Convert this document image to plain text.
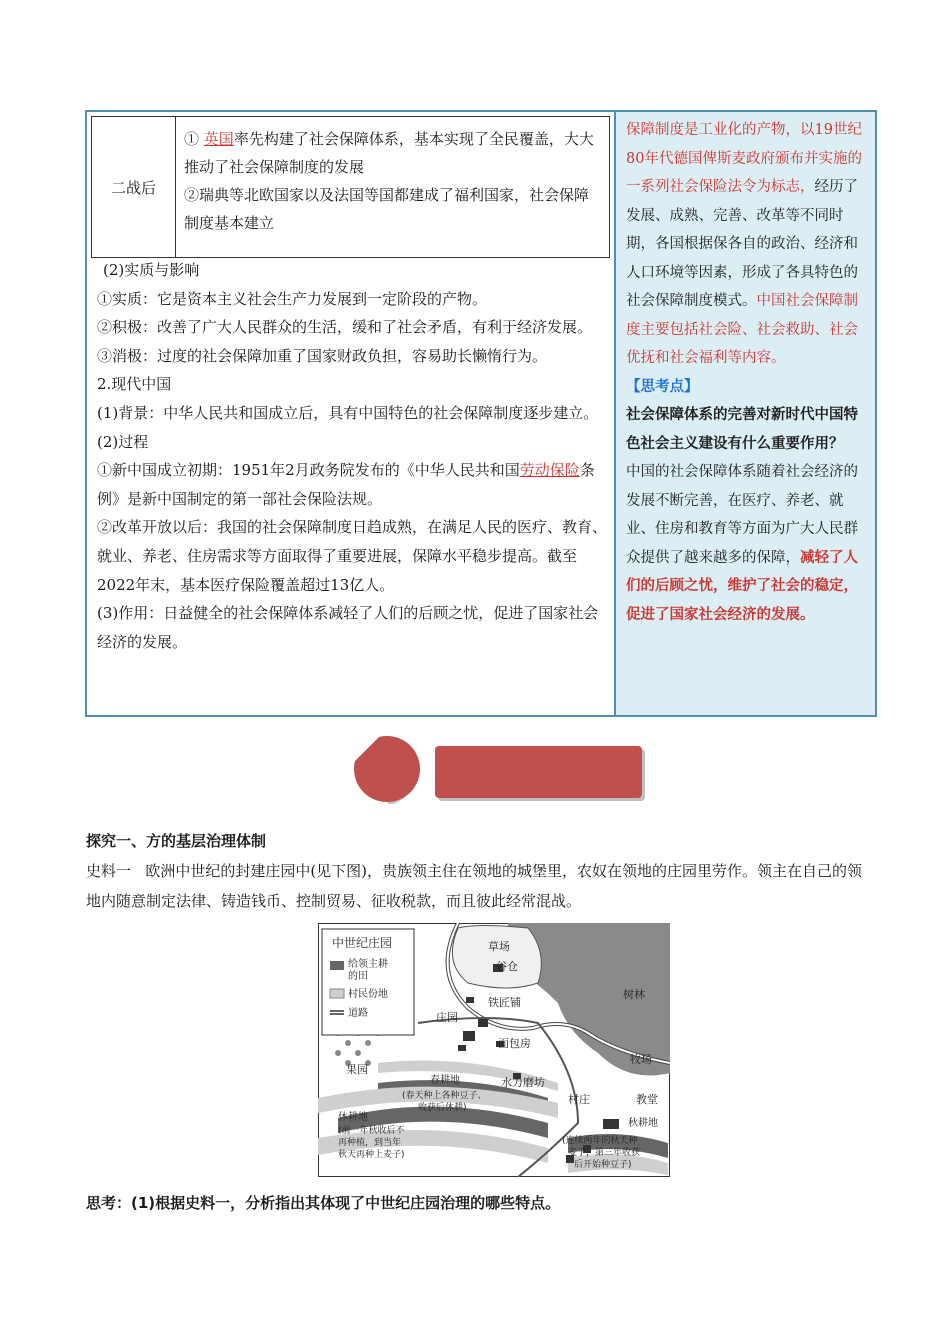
二战后
① 英国率先构建了社会保障体系，基本实现了全民覆盖，大大推动了社会保障制度的发展
②瑞典等北欧国家以及法国等国都建成了福利国家，社会保障制度基本建立

(2)实质与影响

①实质：它是资本主义社会生产力发展到一定阶段的产物。

②积极：改善了广大人民群众的生活，缓和了社会矛盾，有利于经济发展。

③消极：过度的社会保障加重了国家财政负担，容易助长懒惰行为。

2.现代中国

(1)背景：中华人民共和国成立后，具有中国特色的社会保障制度逐步建立。

(2)过程

①新中国成立初期：1951年2月政务院发布的《中华人民共和国劳动保险条例》是新中国制定的第一部社会保险法规。

②改革开放以后：我国的社会保障制度日趋成熟，在满足人民的医疗、教育、就业、养老、住房需求等方面取得了重要进展，保障水平稳步提高。截至2022年末，基本医疗保险覆盖超过13亿人。

(3)作用：日益健全的社会保障体系减轻了人们的后顾之忧，促进了国家社会经济的发展。

保障制度是工业化的产物，以19世纪80年代德国俾斯麦政府颁布并实施的一系列社会保险法令为标志，经历了发展、成熟、完善、改革等不同时期，各国根据保各自的政治、经济和人口环境等因素，形成了各具特色的社会保障制度模式。中国社会保障制度主要包括社会险、社会救助、社会优抚和社会福利等内容。

【思考点】

社会保障体系的完善对新时代中国特色社会主义建设有什么重要作用？

中国的社会保障体系随着社会经济的发展不断完善，在医疗、养老、就业、住房和教育等方面为广大人民群众提供了越来越多的保障，减轻了人们的后顾之忧，维护了社会的稳定，促进了国家社会经济的发展。

探究一、方的基层治理体制
史料一 欧洲中世纪的封建庄园中(见下图)，贵族领主住在领地的城堡里，农奴在领地的庄园里劳作。领主在自己的领地内随意制定法律、铸造钱币、控制贸易、征收税款，而且彼此经常混战。
中世纪庄园
给领主耕
的田
村民份地
道路
草场
谷仓
铁匠铺
树林
庄园
面包房
果园
牧场
春耕地	水力磨坊
村庄	教堂
(春天种上各种豆子、
收获后休耕)
休耕地
(前一年秋收后不
再种植，到当年
秋天再种上麦子)
秋耕地
(连续两年的秋天种
麦子，第三年收获
后开始种豆子)
思考：(1)根据史料一，分析指出其体现了中世纪庄园治理的哪些特点。
